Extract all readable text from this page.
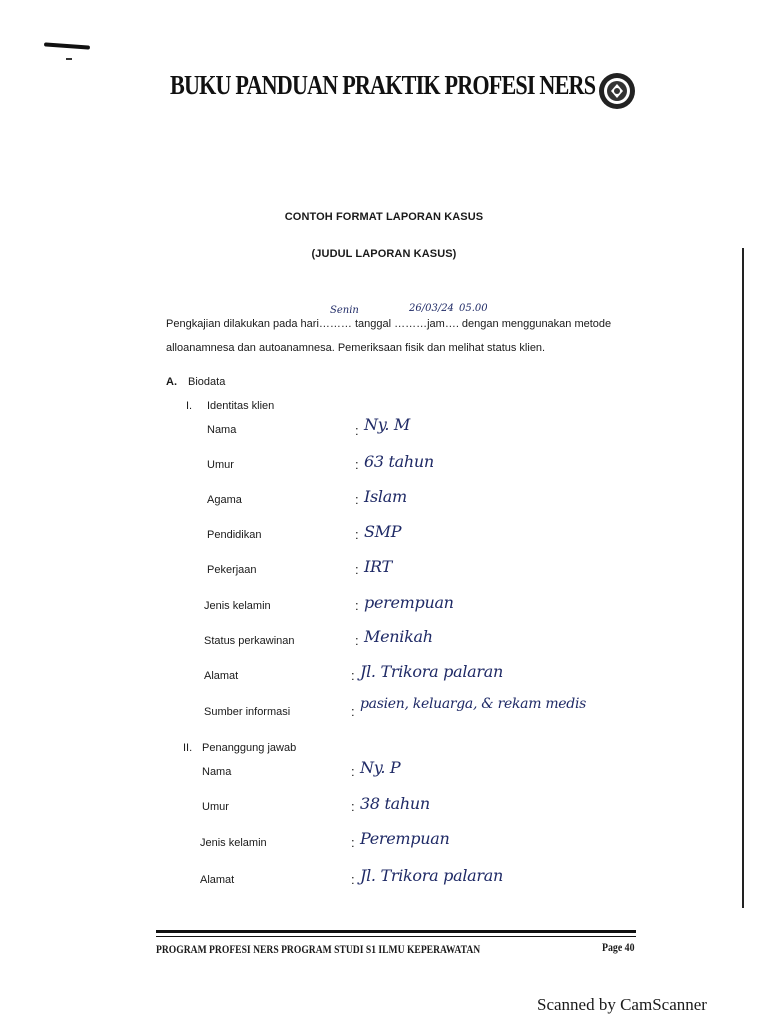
BUKU PANDUAN PRAKTIK PROFESI NERS
CONTOH FORMAT LAPORAN KASUS
(JUDUL LAPORAN KASUS)
Senin	26/03/24 05.00
Pengkajian dilakukan pada hari……… tanggal ………jam…. dengan menggunakan metode
alloanamnesa dan autoanamnesa. Pemeriksaan fisik dan melihat status klien.
A. Biodata
I. Identitas klien
Nama	: Ny. M
Umur	: 63 tahun
Agama	: Islam
Pendidikan	: SMP
Pekerjaan	: IRT
Jenis kelamin	: perempuan
Status perkawinan	: Menikah
Alamat	: Jl. Trikora palaran
Sumber informasi	: pasien, keluarga, & rekam medis
II. Penanggung jawab
Nama	: Ny. P
Umur	: 38 tahun
Jenis kelamin	: Perempuan
Alamat	: Jl. Trikora palaran
PROGRAM PROFESI NERS PROGRAM STUDI S1 ILMU KEPERAWATAN	Page 40
Scanned by CamScanner
